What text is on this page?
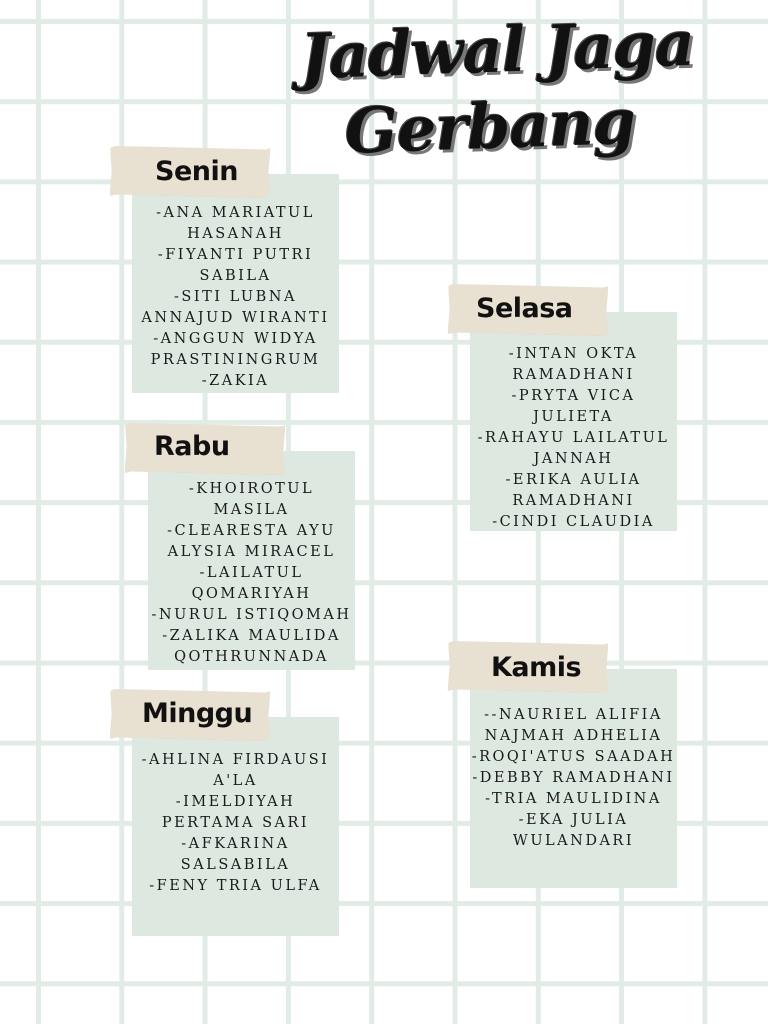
Jadwal Jaga
Gerbang
Senin
-ANA MARIATUL
HASANAH
-FIYANTI PUTRI
SABILA
-SITI LUBNA
ANNAJUD WIRANTI
-ANGGUN WIDYA
PRASTININGRUM
-ZAKIA
Selasa
-INTAN OKTA
RAMADHANI
-PRYTA VICA
JULIETA
-RAHAYU LAILATUL
JANNAH
-ERIKA AULIA
RAMADHANI
-CINDI CLAUDIA
Rabu
-KHOIROTUL
MASILA
-CLEARESTA AYU
ALYSIA MIRACEL
-LAILATUL
QOMARIYAH
-NURUL ISTIQOMAH
-ZALIKA MAULIDA
QOTHRUNNADA	Kamis
--NAURIEL ALIFIA
NAJMAH ADHELIA
-ROQI'ATUS SAADAH
-DEBBY RAMADHANI
-TRIA MAULIDINA
-EKA JULIA
WULANDARI
Minggu
-AHLINA FIRDAUSI
A'LA
-IMELDIYAH
PERTAMA SARI
-AFKARINA
SALSABILA
-FENY TRIA ULFA
